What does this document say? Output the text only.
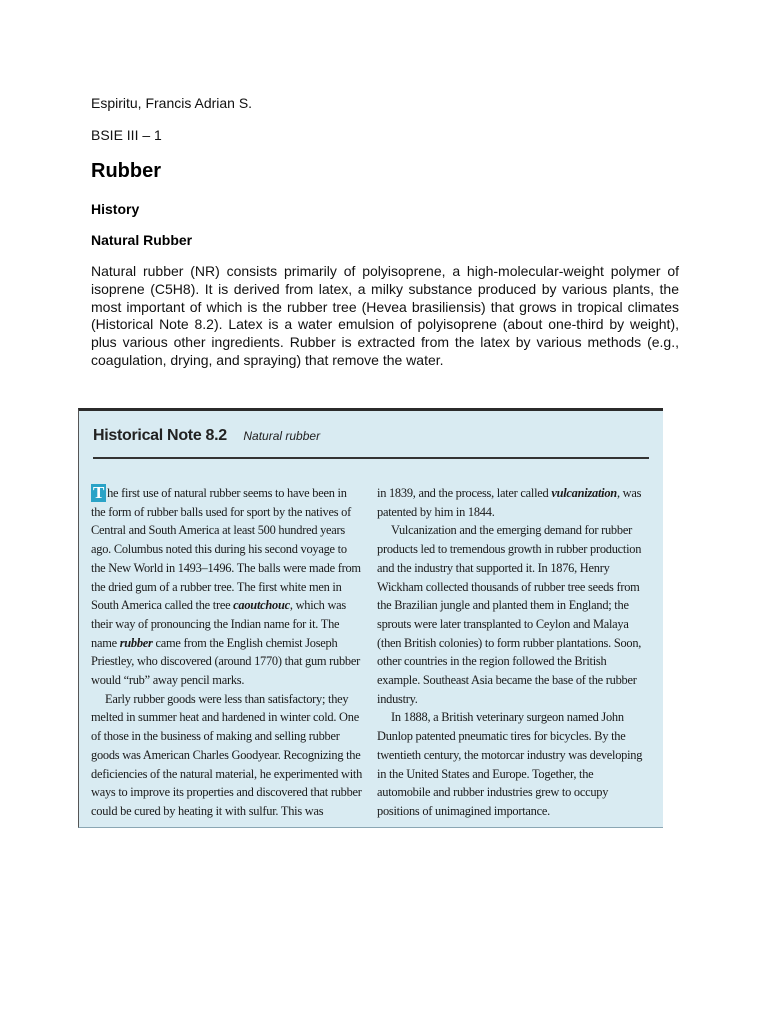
Espiritu, Francis Adrian S.
BSIE III – 1
Rubber
History
Natural Rubber

Natural rubber (NR) consists primarily of polyisoprene, a high-molecular-weight polymer of isoprene (C5H8). It is derived from latex, a milky substance produced by various plants, the most important of which is the rubber tree (Hevea brasiliensis) that grows in tropical climates (Historical Note 8.2). Latex is a water emulsion of polyisoprene (about one-third by weight), plus various other ingredients. Rubber is extracted from the latex by various methods (e.g., coagulation, drying, and spraying) that remove the water.

Historical Note 8.2 Natural rubber

T he first use of natural rubber seems to have been in the form of rubber balls used for sport by the natives of Central and South America at least 500 hundred years ago. Columbus noted this during his second voyage to the New World in 1493–1496. The balls were made from the dried gum of a rubber tree. The first white men in South America called the tree caoutchouc, which was their way of pronouncing the Indian name for it. The name rubber came from the English chemist Joseph Priestley, who discovered (around 1770) that gum rubber would “rub” away pencil marks.

Early rubber goods were less than satisfactory; they melted in summer heat and hardened in winter cold. One of those in the business of making and selling rubber goods was American Charles Goodyear. Recognizing the deficiencies of the natural material, he experimented with ways to improve its properties and discovered that rubber could be cured by heating it with sulfur. This was

in 1839, and the process, later called vulcanization, was patented by him in 1844.

Vulcanization and the emerging demand for rubber products led to tremendous growth in rubber production and the industry that supported it. In 1876, Henry Wickham collected thousands of rubber tree seeds from the Brazilian jungle and planted them in England; the sprouts were later transplanted to Ceylon and Malaya (then British colonies) to form rubber plantations. Soon, other countries in the region followed the British example. Southeast Asia became the base of the rubber industry.

In 1888, a British veterinary surgeon named John Dunlop patented pneumatic tires for bicycles. By the twentieth century, the motorcar industry was developing in the United States and Europe. Together, the automobile and rubber industries grew to occupy positions of unimagined importance.
